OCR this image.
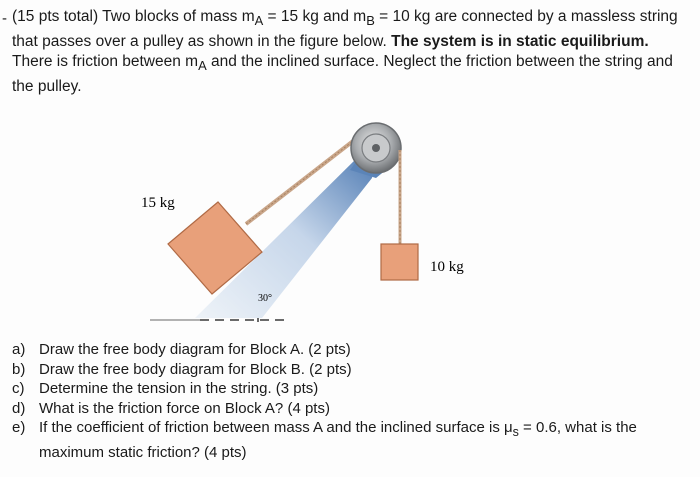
- (15 pts total) Two blocks of mass $m_A = 15$ kg and $m_B = 10$ kg are connected by a massless string that passes over a pulley as shown in the figure below. The system is in static equilibrium. There is friction between $m_A$ and the inclined surface. Neglect the friction between the string and the pulley.
15 kg
10 kg
30°
a) Draw the free body diagram for Block A. (2 pts)
b) Draw the free body diagram for Block B. (2 pts)
c) Determine the tension in the string. (3 pts)
d) What is the friction force on Block A? (4 pts)
e) If the coefficient of friction between mass A and the inclined surface is $\mu_s = 0.6$, what is the maximum static friction? (4 pts)
